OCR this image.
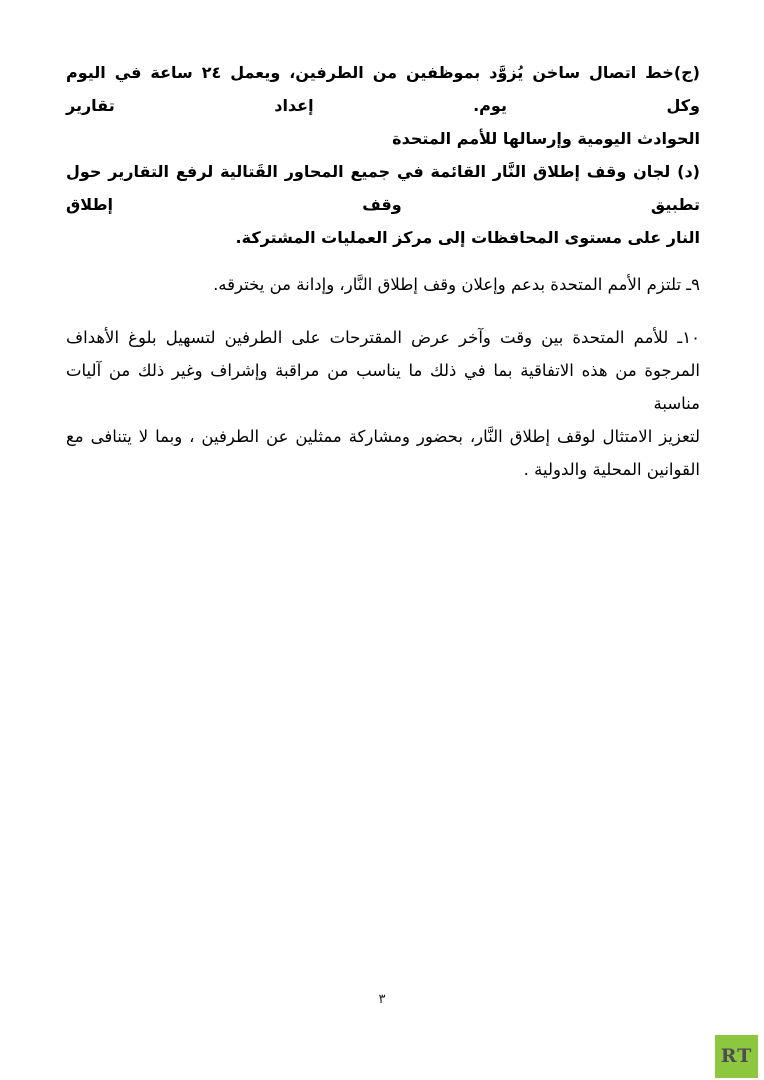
(ج)خط اتصال ساخن يُزوَّد بموظفين من الطرفين، ويعمل ٢٤ ساعة في اليوم وكل يوم. إعداد تقارير
الحوادث اليومية وإرسالها للأمم المتحدة
(د) لجان وقف إطلاق النَّار القائمة في جميع المحاور القَتالية لرفع التقارير حول تطبيق وقف إطلاق
النار على مستوى المحافظات إلى مركز العمليات المشتركة.
٩ـ تلتزم الأمم المتحدة بدعم وإعلان وقف إطلاق النَّار، وإدانة من يخترقه.
١٠ـ للأمم المتحدة بين وقت وآخر عرض المقترحات على الطرفين لتسهيل بلوغ الأهداف
المرجوة من هذه الاتفاقية بما في ذلك ما يناسب من مراقبة وإشراف وغير ذلك من آليات مناسبة
لتعزيز الامتثال لوقف إطلاق النَّار، بحضور ومشاركة ممثلين عن الطرفين ، وبما لا يتنافى مع
القوانين المحلية والدولية .
٣
RT
